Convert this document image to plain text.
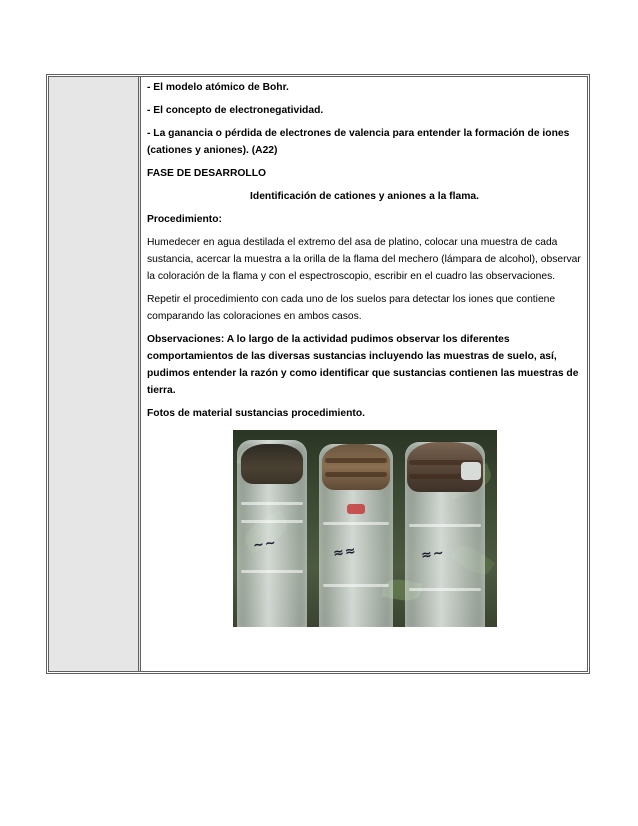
- El modelo atómico de Bohr.

- El concepto de electronegatividad.

- La ganancia o pérdida de electrones de valencia para entender la formación de iones (cationes y aniones). (A22)

FASE DE DESARROLLO

Identificación de cationes y aniones a la flama.

Procedimiento:

Humedecer en agua destilada el extremo del asa de platino, colocar una muestra de cada sustancia, acercar la muestra a la orilla de la flama del mechero (lámpara de alcohol), observar la coloración de la flama y con el espectroscopio, escribir en el cuadro las observaciones.

Repetir el procedimiento con cada uno de los suelos para detectar los iones que contiene comparando las coloraciones en ambos casos.

Observaciones: A lo largo de la actividad pudimos observar los diferentes comportamientos de las diversas sustancias incluyendo las muestras de suelo, así, pudimos entender la razón y como identificar que sustancias contienen las muestras de tierra.

Fotos de material sustancias procedimiento.

~~	≈≈	≈~
